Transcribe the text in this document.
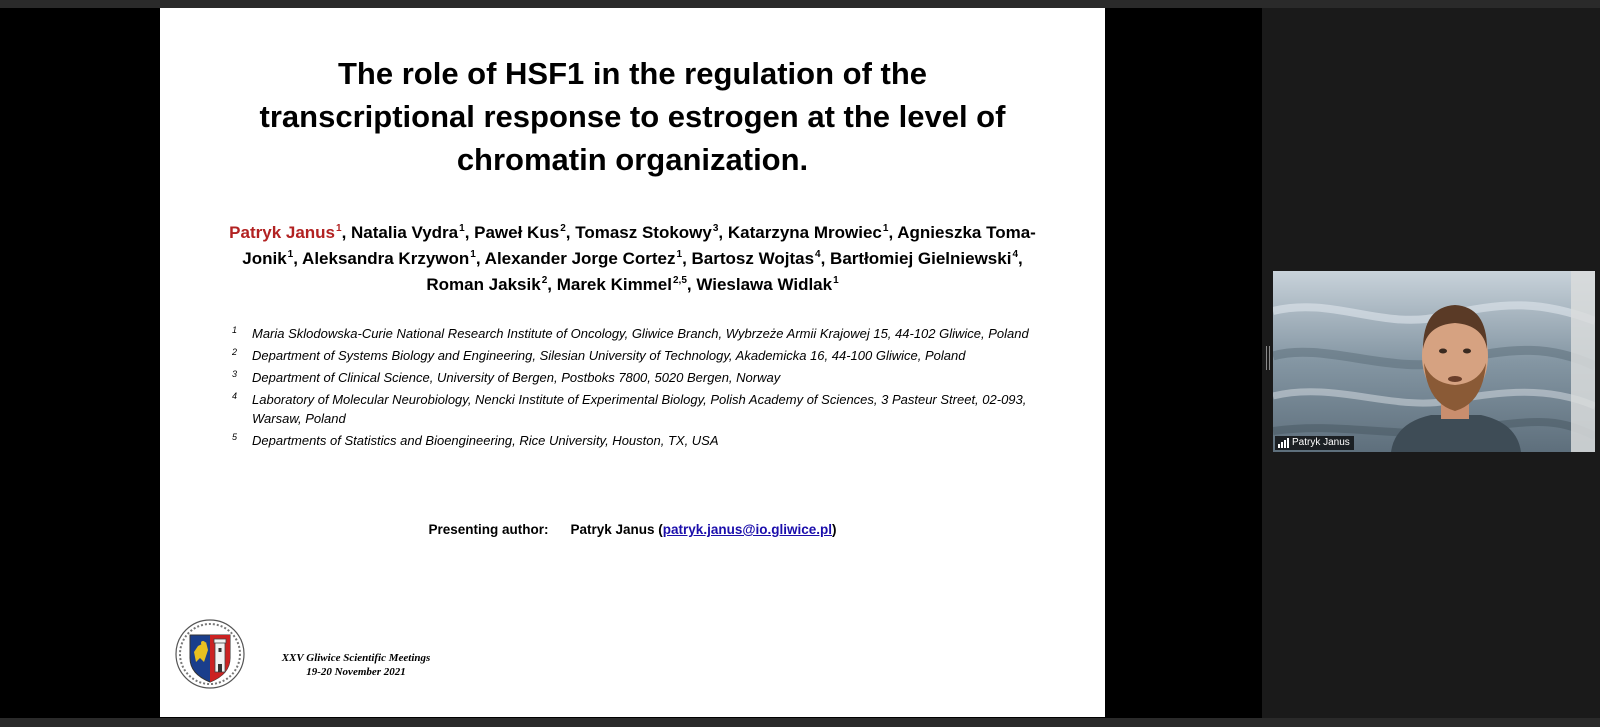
The role of HSF1 in the regulation of the
transcriptional response to estrogen at the level of
chromatin organization.
Patryk Janus$^1$, Natalia Vydra$^1$, Paweł Kus$^2$, Tomasz Stokowy$^3$, Katarzyna Mrowiec$^1$, Agnieszka Toma-Jonik$^1$, Aleksandra Krzywon$^1$, Alexander Jorge Cortez$^1$, Bartosz Wojtas$^4$, Bartłomiej Gielniewski$^4$, Roman Jaksik$^2$, Marek Kimmel$^{2,5}$, Wieslawa Widlak$^1$
1 Maria Sklodowska-Curie National Research Institute of Oncology, Gliwice Branch, Wybrzeże Armii Krajowej 15, 44-102 Gliwice, Poland
2 Department of Systems Biology and Engineering, Silesian University of Technology, Akademicka 16, 44-100 Gliwice, Poland
3 Department of Clinical Science, University of Bergen, Postboks 7800, 5020 Bergen, Norway
4 Laboratory of Molecular Neurobiology, Nencki Institute of Experimental Biology, Polish Academy of Sciences, 3 Pasteur Street, 02-093, Warsaw, Poland
5 Departments of Statistics and Bioengineering, Rice University, Houston, TX, USA
Presenting author: Patryk Janus (patryk.janus@io.gliwice.pl)
XXV Gliwice Scientific Meetings
19-20 November 2021
Patryk Janus
